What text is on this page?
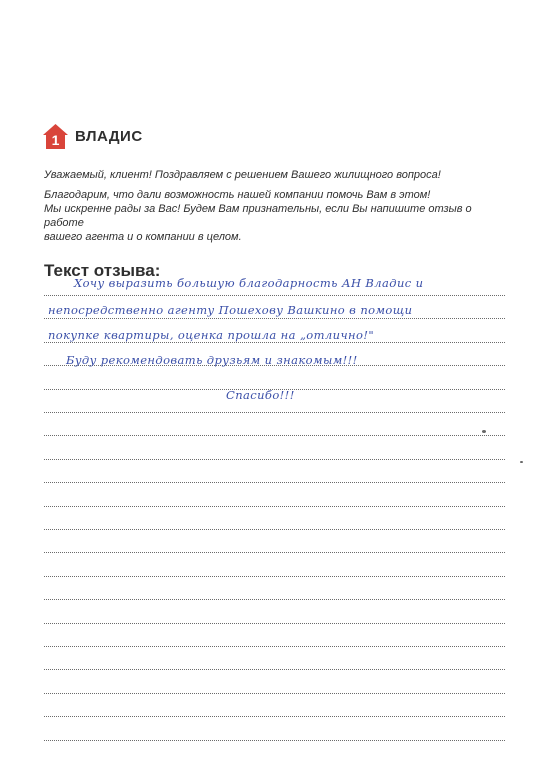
1 ВЛАДИС

Уважаемый, клиент! Поздравляем с решением Вашего жилищного вопроса!

Благодарим, что дали возможность нашей компании помочь Вам в этом!

Мы искренне рады за Вас! Будем Вам признательны, если Вы напишите отзыв о работе

вашего агента и о компании в целом.

Текст отзыва:
Хочу выразить большую благодарность АН Владис и
непосредственно агенту Пошехову Вашкино в помощи
покупке квартиры, оценка прошла на „отлично!"
Буду рекомендовать друзьям и знакомым!!!
Спасибо!!!
